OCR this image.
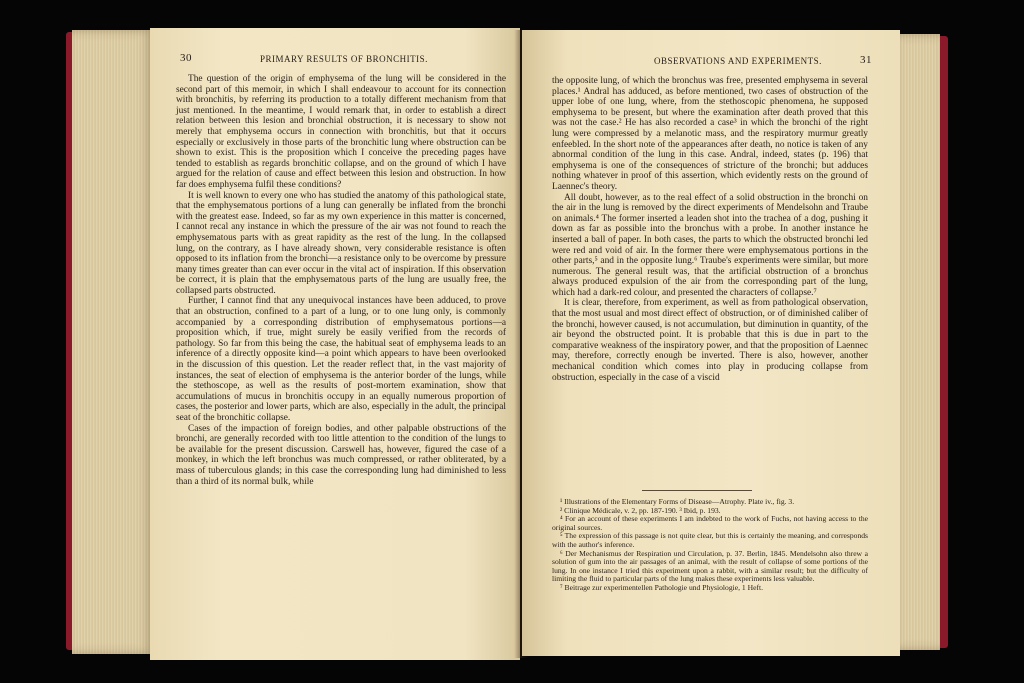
30	PRIMARY RESULTS OF BRONCHITIS.

The question of the origin of emphysema of the lung will be considered in the second part of this memoir, in which I shall endeavour to account for its connection with bronchitis, by referring its production to a totally different mechanism from that just mentioned. In the meantime, I would remark that, in order to establish a direct relation between this lesion and bronchial obstruction, it is necessary to show not merely that emphysema occurs in connection with bronchitis, but that it occurs especially or exclusively in those parts of the bronchitic lung where obstruction can be shown to exist. This is the proposition which I conceive the preceding pages have tended to establish as regards bronchitic collapse, and on the ground of which I have argued for the relation of cause and effect between this lesion and obstruction. In how far does emphysema fulfil these conditions?

It is well known to every one who has studied the anatomy of this pathological state, that the emphysematous portions of a lung can generally be inflated from the bronchi with the greatest ease. Indeed, so far as my own experience in this matter is concerned, I cannot recal any instance in which the pressure of the air was not found to reach the emphysematous parts with as great rapidity as the rest of the lung. In the collapsed lung, on the contrary, as I have already shown, very considerable resistance is often opposed to its inflation from the bronchi—a resistance only to be overcome by pressure many times greater than can ever occur in the vital act of inspiration. If this observation be correct, it is plain that the emphysematous parts of the lung are usually free, the collapsed parts obstructed.

Further, I cannot find that any unequivocal instances have been adduced, to prove that an obstruction, confined to a part of a lung, or to one lung only, is commonly accompanied by a corresponding distribution of emphysematous portions—a proposition which, if true, might surely be easily verified from the records of pathology. So far from this being the case, the habitual seat of emphysema leads to an inference of a directly opposite kind—a point which appears to have been overlooked in the discussion of this question. Let the reader reflect that, in the vast majority of instances, the seat of election of emphysema is the anterior border of the lungs, while the stethoscope, as well as the results of post-mortem examination, show that accumulations of mucus in bronchitis occupy in an equally numerous proportion of cases, the posterior and lower parts, which are also, especially in the adult, the principal seat of the bronchitic collapse.

Cases of the impaction of foreign bodies, and other palpable obstructions of the bronchi, are generally recorded with too little attention to the condition of the lungs to be available for the present discussion. Carswell has, however, figured the case of a monkey, in which the left bronchus was much compressed, or rather obliterated, by a mass of tuberculous glands; in this case the corresponding lung had diminished to less than a third of its normal bulk, while

OBSERVATIONS AND EXPERIMENTS.	31

the opposite lung, of which the bronchus was free, presented emphysema in several places.¹ Andral has adduced, as before mentioned, two cases of obstruction of the upper lobe of one lung, where, from the stethoscopic phenomena, he supposed emphysema to be present, but where the examination after death proved that this was not the case.² He has also recorded a case³ in which the bronchi of the right lung were compressed by a melanotic mass, and the respiratory murmur greatly enfeebled. In the short note of the appearances after death, no notice is taken of any abnormal condition of the lung in this case. Andral, indeed, states (p. 196) that emphysema is one of the consequences of stricture of the bronchi; but adduces nothing whatever in proof of this assertion, which evidently rests on the ground of Laennec's theory.

All doubt, however, as to the real effect of a solid obstruction in the bronchi on the air in the lung is removed by the direct experiments of Mendelsohn and Traube on animals.⁴ The former inserted a leaden shot into the trachea of a dog, pushing it down as far as possible into the bronchus with a probe. In another instance he inserted a ball of paper. In both cases, the parts to which the obstructed bronchi led were red and void of air. In the former there were emphysematous portions in the other parts,⁵ and in the opposite lung.⁶ Traube's experiments were similar, but more numerous. The general result was, that the artificial obstruction of a bronchus always produced expulsion of the air from the corresponding part of the lung, which had a dark-red colour, and presented the characters of collapse.⁷

It is clear, therefore, from experiment, as well as from pathological observation, that the most usual and most direct effect of obstruction, or of diminished caliber of the bronchi, however caused, is not accumulation, but diminution in quantity, of the air beyond the obstructed point. It is probable that this is due in part to the comparative weakness of the inspiratory power, and that the proposition of Laennec may, therefore, correctly enough be inverted. There is also, however, another mechanical condition which comes into play in producing collapse from obstruction, especially in the case of a viscid

¹ Illustrations of the Elementary Forms of Disease—Atrophy. Plate iv., fig. 3.

² Clinique Médicale, v. 2, pp. 187-190. ³ Ibid, p. 193.

⁴ For an account of these experiments I am indebted to the work of Fuchs, not having access to the original sources.

⁵ The expression of this passage is not quite clear, but this is certainly the meaning, and corresponds with the author's inference.

⁶ Der Mechanismus der Respiration und Circulation, p. 37. Berlin, 1845. Mendelsohn also threw a solution of gum into the air passages of an animal, with the result of collapse of some portions of the lung. In one instance I tried this experiment upon a rabbit, with a similar result; but the difficulty of limiting the fluid to particular parts of the lung makes these experiments less valuable.

⁷ Beitrage zur experimentellen Pathologie und Physiologie, 1 Heft.
